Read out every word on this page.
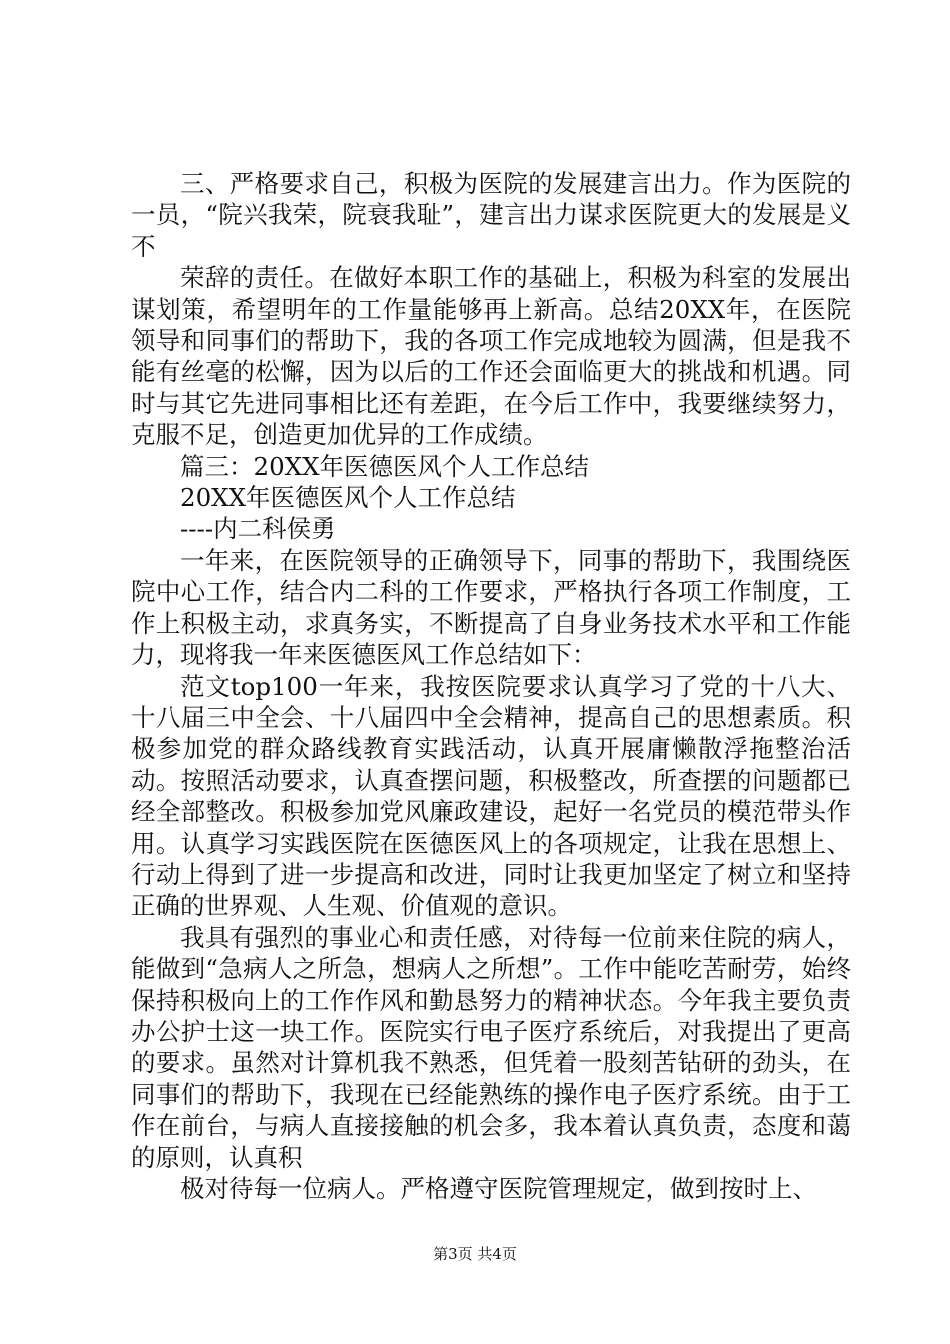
三、严格要求自己，积极为医院的发展建言出力。作为医院的一员，“院兴我荣，院衰我耻”，建言出力谋求医院更大的发展是义不

荣辞的责任。在做好本职工作的基础上，积极为科室的发展出谋划策，希望明年的工作量能够再上新高。总结20XX年，在医院领导和同事们的帮助下，我的各项工作完成地较为圆满，但是我不能有丝毫的松懈，因为以后的工作还会面临更大的挑战和机遇。同时与其它先进同事相比还有差距，在今后工作中，我要继续努力，克服不足，创造更加优异的工作成绩。

篇三：20XX年医德医风个人工作总结

20XX年医德医风个人工作总结

----内二科侯勇

一年来，在医院领导的正确领导下，同事的帮助下，我围绕医院中心工作，结合内二科的工作要求，严格执行各项工作制度，工作上积极主动，求真务实，不断提高了自身业务技术水平和工作能力，现将我一年来医德医风工作总结如下：

范文top100一年来，我按医院要求认真学习了党的十八大、十八届三中全会、十八届四中全会精神，提高自己的思想素质。积极参加党的群众路线教育实践活动，认真开展庸懒散浮拖整治活动。按照活动要求，认真查摆问题，积极整改，所查摆的问题都已经全部整改。积极参加党风廉政建设，起好一名党员的模范带头作用。认真学习实践医院在医德医风上的各项规定，让我在思想上、行动上得到了进一步提高和改进，同时让我更加坚定了树立和坚持正确的世界观、人生观、价值观的意识。

我具有强烈的事业心和责任感，对待每一位前来住院的病人，能做到“急病人之所急，想病人之所想”。工作中能吃苦耐劳，始终保持积极向上的工作作风和勤恳努力的精神状态。今年我主要负责办公护士这一块工作。医院实行电子医疗系统后，对我提出了更高的要求。虽然对计算机我不熟悉，但凭着一股刻苦钻研的劲头，在同事们的帮助下，我现在已经能熟练的操作电子医疗系统。由于工作在前台，与病人直接接触的机会多，我本着认真负责，态度和蔼的原则，认真积

极对待每一位病人。严格遵守医院管理规定，做到按时上、

第3页 共4页
